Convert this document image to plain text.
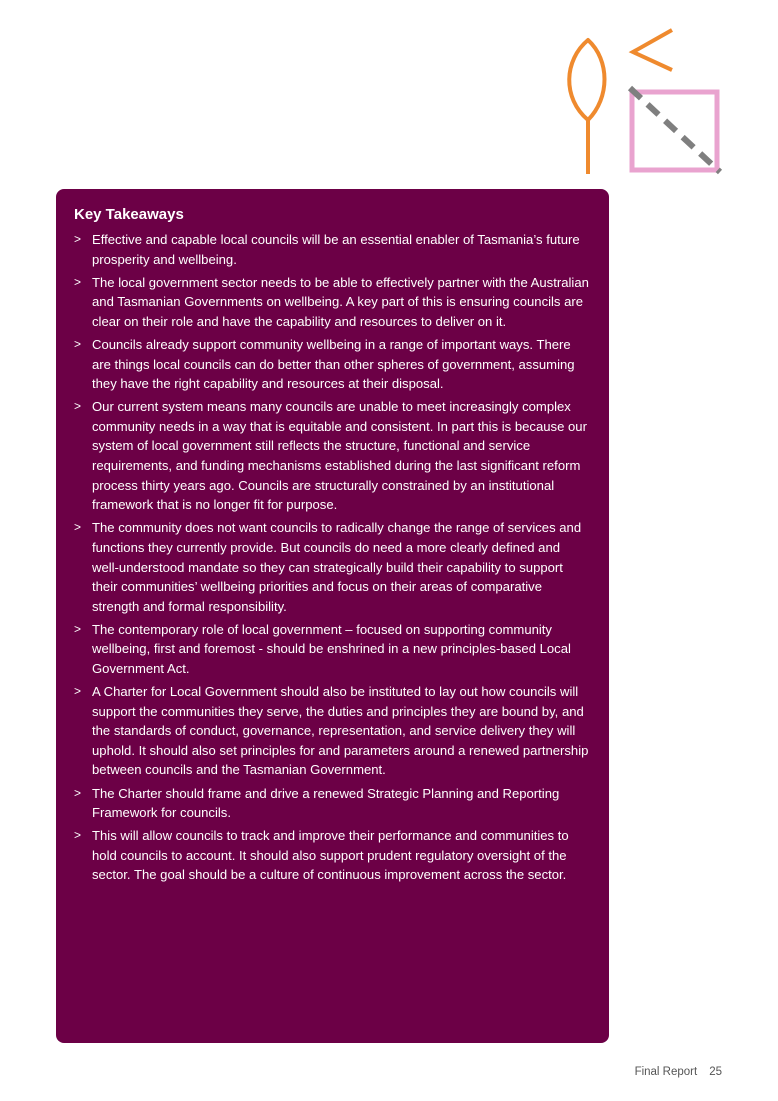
Key Takeaways
> Effective and capable local councils will be an essential enabler of Tasmania’s future prosperity and wellbeing.
> The local government sector needs to be able to effectively partner with the Australian and Tasmanian Governments on wellbeing. A key part of this is ensuring councils are clear on their role and have the capability and resources to deliver on it.
> Councils already support community wellbeing in a range of important ways. There are things local councils can do better than other spheres of government, assuming they have the right capability and resources at their disposal.
> Our current system means many councils are unable to meet increasingly complex community needs in a way that is equitable and consistent. In part this is because our system of local government still reflects the structure, functional and service requirements, and funding mechanisms established during the last significant reform process thirty years ago. Councils are structurally constrained by an institutional framework that is no longer fit for purpose.
> The community does not want councils to radically change the range of services and functions they currently provide. But councils do need a more clearly defined and well-understood mandate so they can strategically build their capability to support their communities’ wellbeing priorities and focus on their areas of comparative strength and formal responsibility.
> The contemporary role of local government – focused on supporting community wellbeing, first and foremost - should be enshrined in a new principles-based Local Government Act.
> A Charter for Local Government should also be instituted to lay out how councils will support the communities they serve, the duties and principles they are bound by, and the standards of conduct, governance, representation, and service delivery they will uphold. It should also set principles for and parameters around a renewed partnership between councils and the Tasmanian Government.
> The Charter should frame and drive a renewed Strategic Planning and Reporting Framework for councils.
> This will allow councils to track and improve their performance and communities to hold councils to account. It should also support prudent regulatory oversight of the sector. The goal should be a culture of continuous improvement across the sector.
Final Report 25
